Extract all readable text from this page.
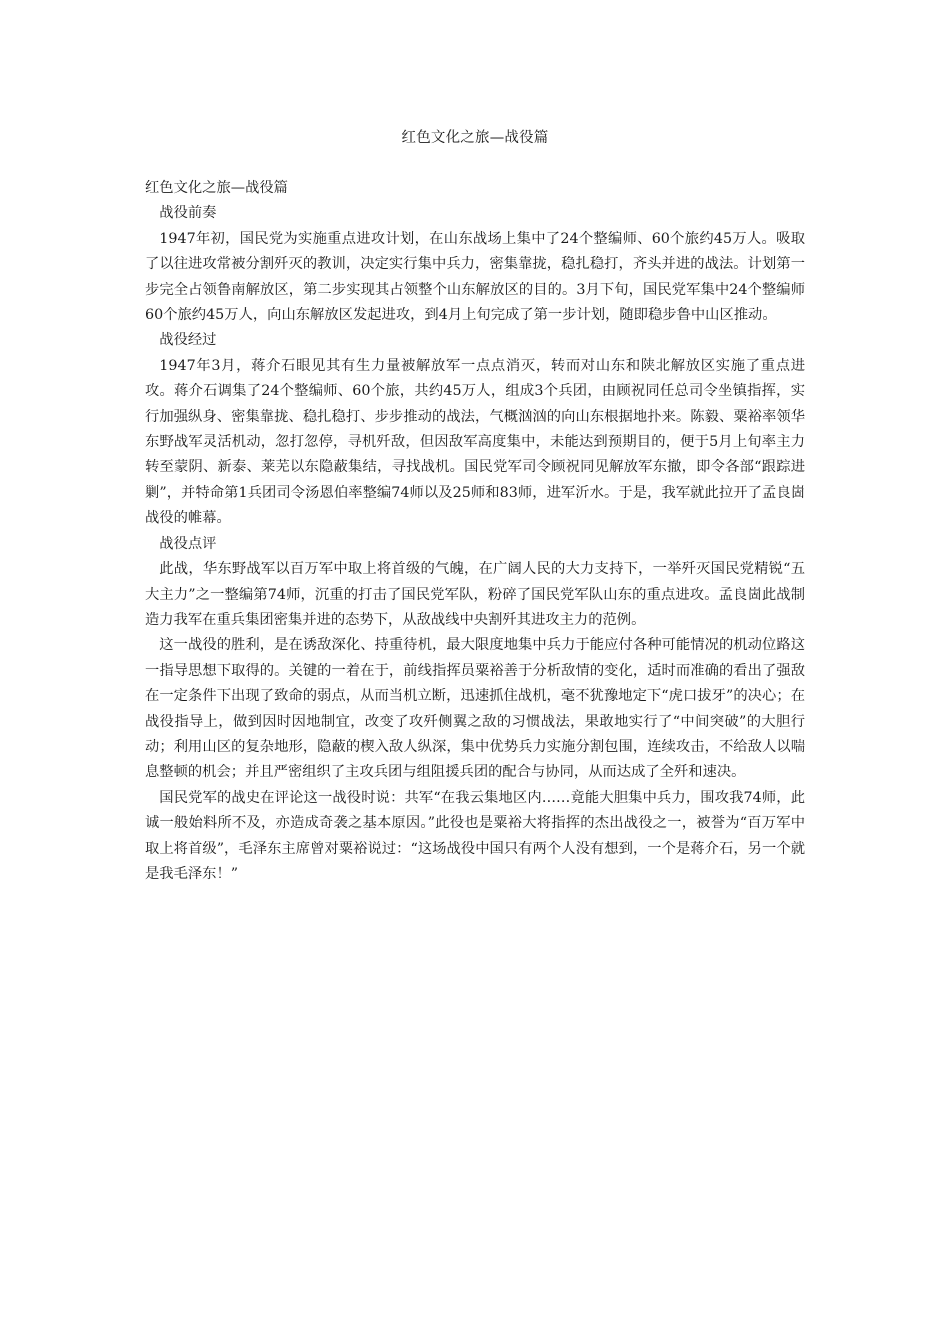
红色文化之旅—战役篇

红色文化之旅—战役篇

战役前奏

1947年初，国民党为实施重点进攻计划，在山东战场上集中了24个整编师、60个旅约45万人。吸取了以往进攻常被分割歼灭的教训，决定实行集中兵力，密集靠拢，稳扎稳打，齐头并进的战法。计划第一步完全占领鲁南解放区，第二步实现其占领整个山东解放区的目的。3月下旬，国民党军集中24个整编师60个旅约45万人，向山东解放区发起进攻，到4月上旬完成了第一步计划，随即稳步鲁中山区推动。

战役经过

1947年3月，蒋介石眼见其有生力量被解放军一点点消灭，转而对山东和陕北解放区实施了重点进攻。蒋介石调集了24个整编师、60个旅，共约45万人，组成3个兵团，由顾祝同任总司令坐镇指挥，实行加强纵身、密集靠拢、稳扎稳打、步步推动的战法，气概汹汹的向山东根据地扑来。陈毅、粟裕率领华东野战军灵活机动，忽打忽停，寻机歼敌，但因敌军高度集中，未能达到预期目的，便于5月上旬率主力转至蒙阴、新泰、莱芜以东隐蔽集结，寻找战机。国民党军司令顾祝同见解放军东撤，即令各部“跟踪进剿”，并特命第1兵团司令汤恩伯率整编74师以及25师和83师，进军沂水。于是，我军就此拉开了孟良崮战役的帷幕。

战役点评

此战，华东野战军以百万军中取上将首级的气魄，在广阔人民的大力支持下，一举歼灭国民党精锐“五大主力”之一整编第74师，沉重的打击了国民党军队，粉碎了国民党军队山东的重点进攻。孟良崮此战制造力我军在重兵集团密集并进的态势下，从敌战线中央割歼其进攻主力的范例。

这一战役的胜利，是在诱敌深化、持重待机，最大限度地集中兵力于能应付各种可能情况的机动位路这一指导思想下取得的。关键的一着在于，前线指挥员粟裕善于分析敌情的变化，适时而准确的看出了强敌在一定条件下出现了致命的弱点，从而当机立断，迅速抓住战机，毫不犹豫地定下“虎口拔牙”的决心；在战役指导上，做到因时因地制宜，改变了攻歼侧翼之敌的习惯战法，果敢地实行了“中间突破”的大胆行动；利用山区的复杂地形，隐蔽的楔入敌人纵深，集中优势兵力实施分割包围，连续攻击，不给敌人以喘息整顿的机会；并且严密组织了主攻兵团与组阻援兵团的配合与协同，从而达成了全歼和速决。

国民党军的战史在评论这一战役时说：共军“在我云集地区内……竟能大胆集中兵力，围攻我74师，此诚一般始料所不及，亦造成奇袭之基本原因。”此役也是粟裕大将指挥的杰出战役之一，被誉为“百万军中取上将首级”，毛泽东主席曾对粟裕说过：“这场战役中国只有两个人没有想到，一个是蒋介石，另一个就是我毛泽东！”
